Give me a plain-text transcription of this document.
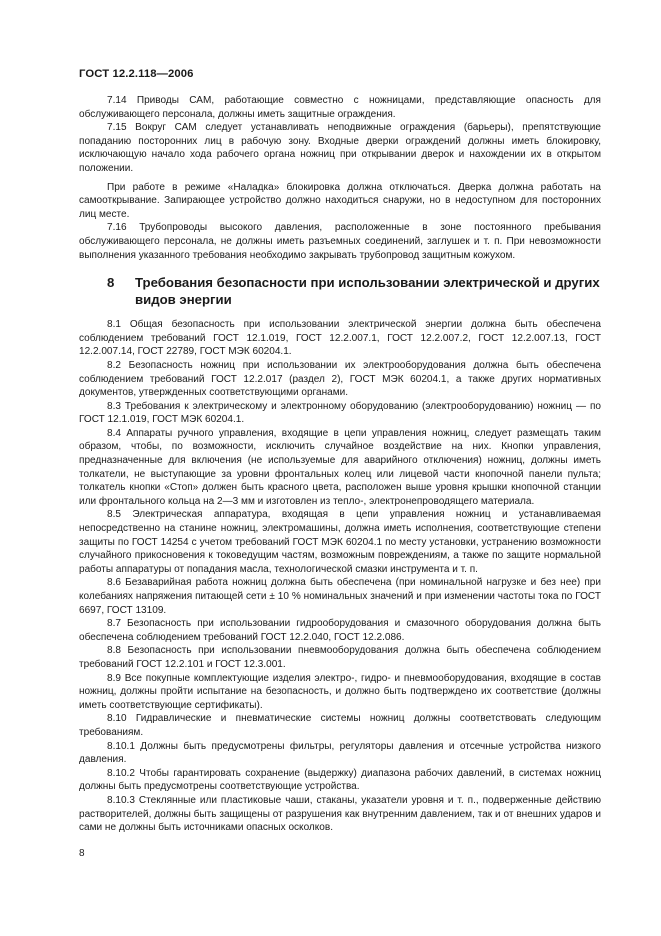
ГОСТ 12.2.118—2006

7.14 Приводы САМ, работающие совместно с ножницами, представляющие опасность для обслуживающего персонала, должны иметь защитные ограждения.

7.15 Вокруг САМ следует устанавливать неподвижные ограждения (барьеры), препятствующие попаданию посторонних лиц в рабочую зону. Входные дверки ограждений должны иметь блокировку, исключающую начало хода рабочего органа ножниц при открывании дверок и нахождении их в открытом положении.

При работе в режиме «Наладка» блокировка должна отключаться. Дверка должна работать на самооткрывание. Запирающее устройство должно находиться снаружи, но в недоступном для посторонних лиц месте.

7.16 Трубопроводы высокого давления, расположенные в зоне постоянного пребывания обслуживающего персонала, не должны иметь разъемных соединений, заглушек и т. п. При невозможности выполнения указанного требования необходимо закрывать трубопровод защитным кожухом.

8	Требования безопасности при использовании электрической и других видов энергии

8.1 Общая безопасность при использовании электрической энергии должна быть обеспечена соблюдением требований ГОСТ 12.1.019, ГОСТ 12.2.007.1, ГОСТ 12.2.007.2, ГОСТ 12.2.007.13, ГОСТ 12.2.007.14, ГОСТ 22789, ГОСТ МЭК 60204.1.

8.2 Безопасность ножниц при использовании их электрооборудования должна быть обеспечена соблюдением требований ГОСТ 12.2.017 (раздел 2), ГОСТ МЭК 60204.1, а также других нормативных документов, утвержденных соответствующими органами.

8.3 Требования к электрическому и электронному оборудованию (электрооборудованию) ножниц — по ГОСТ 12.1.019, ГОСТ МЭК 60204.1.

8.4 Аппараты ручного управления, входящие в цепи управления ножниц, следует размещать таким образом, чтобы, по возможности, исключить случайное воздействие на них. Кнопки управления, предназначенные для включения (не используемые для аварийного отключения) ножниц, должны иметь толкатели, не выступающие за уровни фронтальных колец или лицевой части кнопочной панели пульта; толкатель кнопки «Стоп» должен быть красного цвета, расположен выше уровня крышки кнопочной станции или фронтального кольца на 2—3 мм и изготовлен из тепло-, электронепроводящего материала.

8.5 Электрическая аппаратура, входящая в цепи управления ножниц и устанавливаемая непосредственно на станине ножниц, электромашины, должна иметь исполнения, соответствующие степени защиты по ГОСТ 14254 с учетом требований ГОСТ МЭК 60204.1 по месту установки, устранению возможности случайного прикосновения к токоведущим частям, возможным повреждениям, а также по защите нормальной работы аппаратуры от попадания масла, технологической смазки инструмента и т. п.

8.6 Безаварийная работа ножниц должна быть обеспечена (при номинальной нагрузке и без нее) при колебаниях напряжения питающей сети ± 10 % номинальных значений и при изменении частоты тока по ГОСТ 6697, ГОСТ 13109.

8.7 Безопасность при использовании гидрооборудования и смазочного оборудования должна быть обеспечена соблюдением требований ГОСТ 12.2.040, ГОСТ 12.2.086.

8.8 Безопасность при использовании пневмооборудования должна быть обеспечена соблюдением требований ГОСТ 12.2.101 и ГОСТ 12.3.001.

8.9 Все покупные комплектующие изделия электро-, гидро- и пневмооборудования, входящие в состав ножниц, должны пройти испытание на безопасность, и должно быть подтверждено их соответствие (должны иметь соответствующие сертификаты).

8.10 Гидравлические и пневматические системы ножниц должны соответствовать следующим требованиям.

8.10.1 Должны быть предусмотрены фильтры, регуляторы давления и отсечные устройства низкого давления.

8.10.2 Чтобы гарантировать сохранение (выдержку) диапазона рабочих давлений, в системах ножниц должны быть предусмотрены соответствующие устройства.

8.10.3 Стеклянные или пластиковые чаши, стаканы, указатели уровня и т. п., подверженные действию растворителей, должны быть защищены от разрушения как внутренним давлением, так и от внешних ударов и сами не должны быть источниками опасных осколков.

8
